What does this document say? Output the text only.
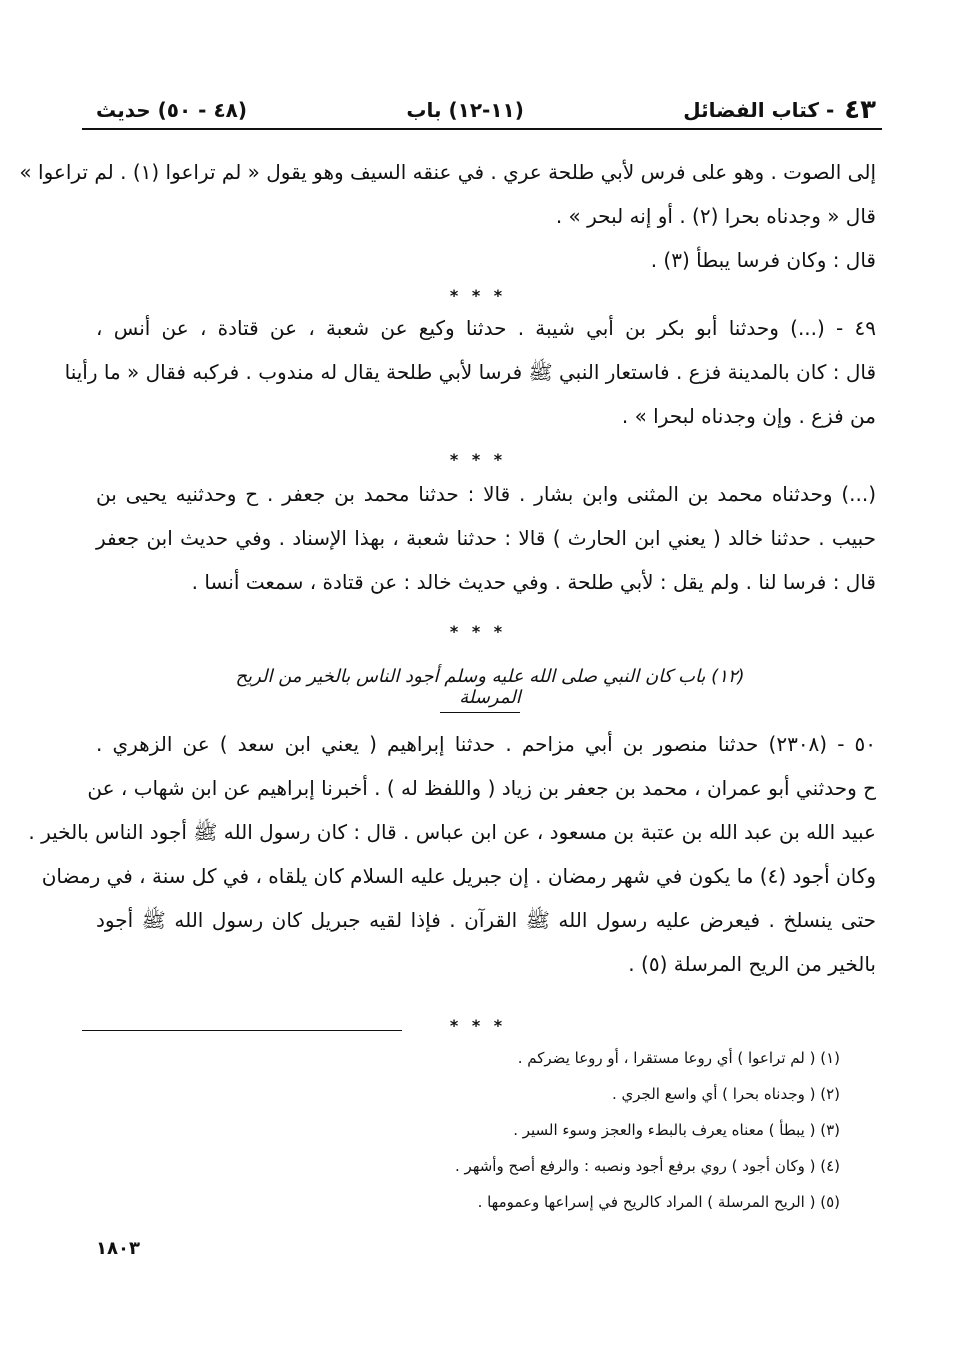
٤٣
- كتاب الفضائل
(١١-١٢) باب
(٤٨ - ٥٠) حديث
إلى الصوت . وهو على فرس لأبي طلحة عري . في عنقه السيف وهو يقول « لم تراعوا (١) . لم تراعوا »
قال « وجدناه بحرا (٢) . أو إنه لبحر » .
قال : وكان فرسا يبطأ (٣) .
* * *
٤٩ - (...) وحدثنا أبو بكر بن أبي شيبة . حدثنا وكيع عن شعبة ، عن قتادة ، عن أنس ،
قال : كان بالمدينة فزع . فاستعار النبي ﷺ فرسا لأبي طلحة يقال له مندوب . فركبه فقال « ما رأينا
من فزع . وإن وجدناه لبحرا » .
* * *
(...) وحدثناه محمد بن المثنى وابن بشار . قالا : حدثنا محمد بن جعفر . ح وحدثنيه يحيى بن
حبيب . حدثنا خالد ( يعني ابن الحارث ) قالا : حدثنا شعبة ، بهذا الإسناد . وفي حديث ابن جعفر
قال : فرسا لنا . ولم يقل : لأبي طلحة . وفي حديث خالد : عن قتادة ، سمعت أنسا .
* * *
(١٢) باب كان النبي صلى الله عليه وسلم أجود الناس بالخير من الريح المرسلة
٥٠ - (٢٣٠٨) حدثنا منصور بن أبي مزاحم . حدثنا إبراهيم ( يعني ابن سعد ) عن الزهري .
ح وحدثني أبو عمران ، محمد بن جعفر بن زياد ( واللفظ له ) . أخبرنا إبراهيم عن ابن شهاب ، عن
عبيد الله بن عبد الله بن عتبة بن مسعود ، عن ابن عباس . قال : كان رسول الله ﷺ أجود الناس بالخير .
وكان أجود (٤) ما يكون في شهر رمضان . إن جبريل عليه السلام كان يلقاه ، في كل سنة ، في رمضان
حتى ينسلخ . فيعرض عليه رسول الله ﷺ القرآن . فإذا لقيه جبريل كان رسول الله ﷺ أجود
بالخير من الريح المرسلة (٥) .
* * *
(١) ( لم تراعوا ) أي روعا مستقرا ، أو روعا يضركم .
(٢) ( وجدناه بحرا ) أي واسع الجري .
(٣) ( يبطأ ) معناه يعرف بالبطء والعجز وسوء السير .
(٤) ( وكان أجود ) روي برفع أجود ونصبه : والرفع أصح وأشهر .
(٥) ( الريح المرسلة ) المراد كالريح في إسراعها وعمومها .
١٨٠٣
